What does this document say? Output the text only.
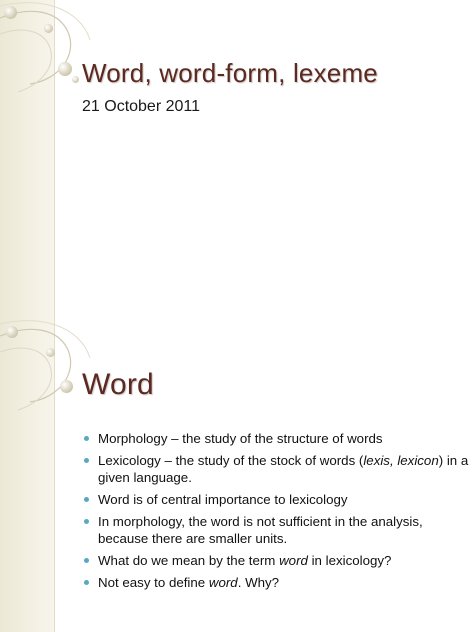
Word, word-form, lexeme
21 October 2011
Word
Morphology – the study of the structure of words
Lexicology – the study of the stock of words (lexis, lexicon) in a given language.
Word is of central importance to lexicology
In morphology, the word is not sufficient in the analysis, because there are smaller units.
What do we mean by the term word in lexicology?
Not easy to define word. Why?
